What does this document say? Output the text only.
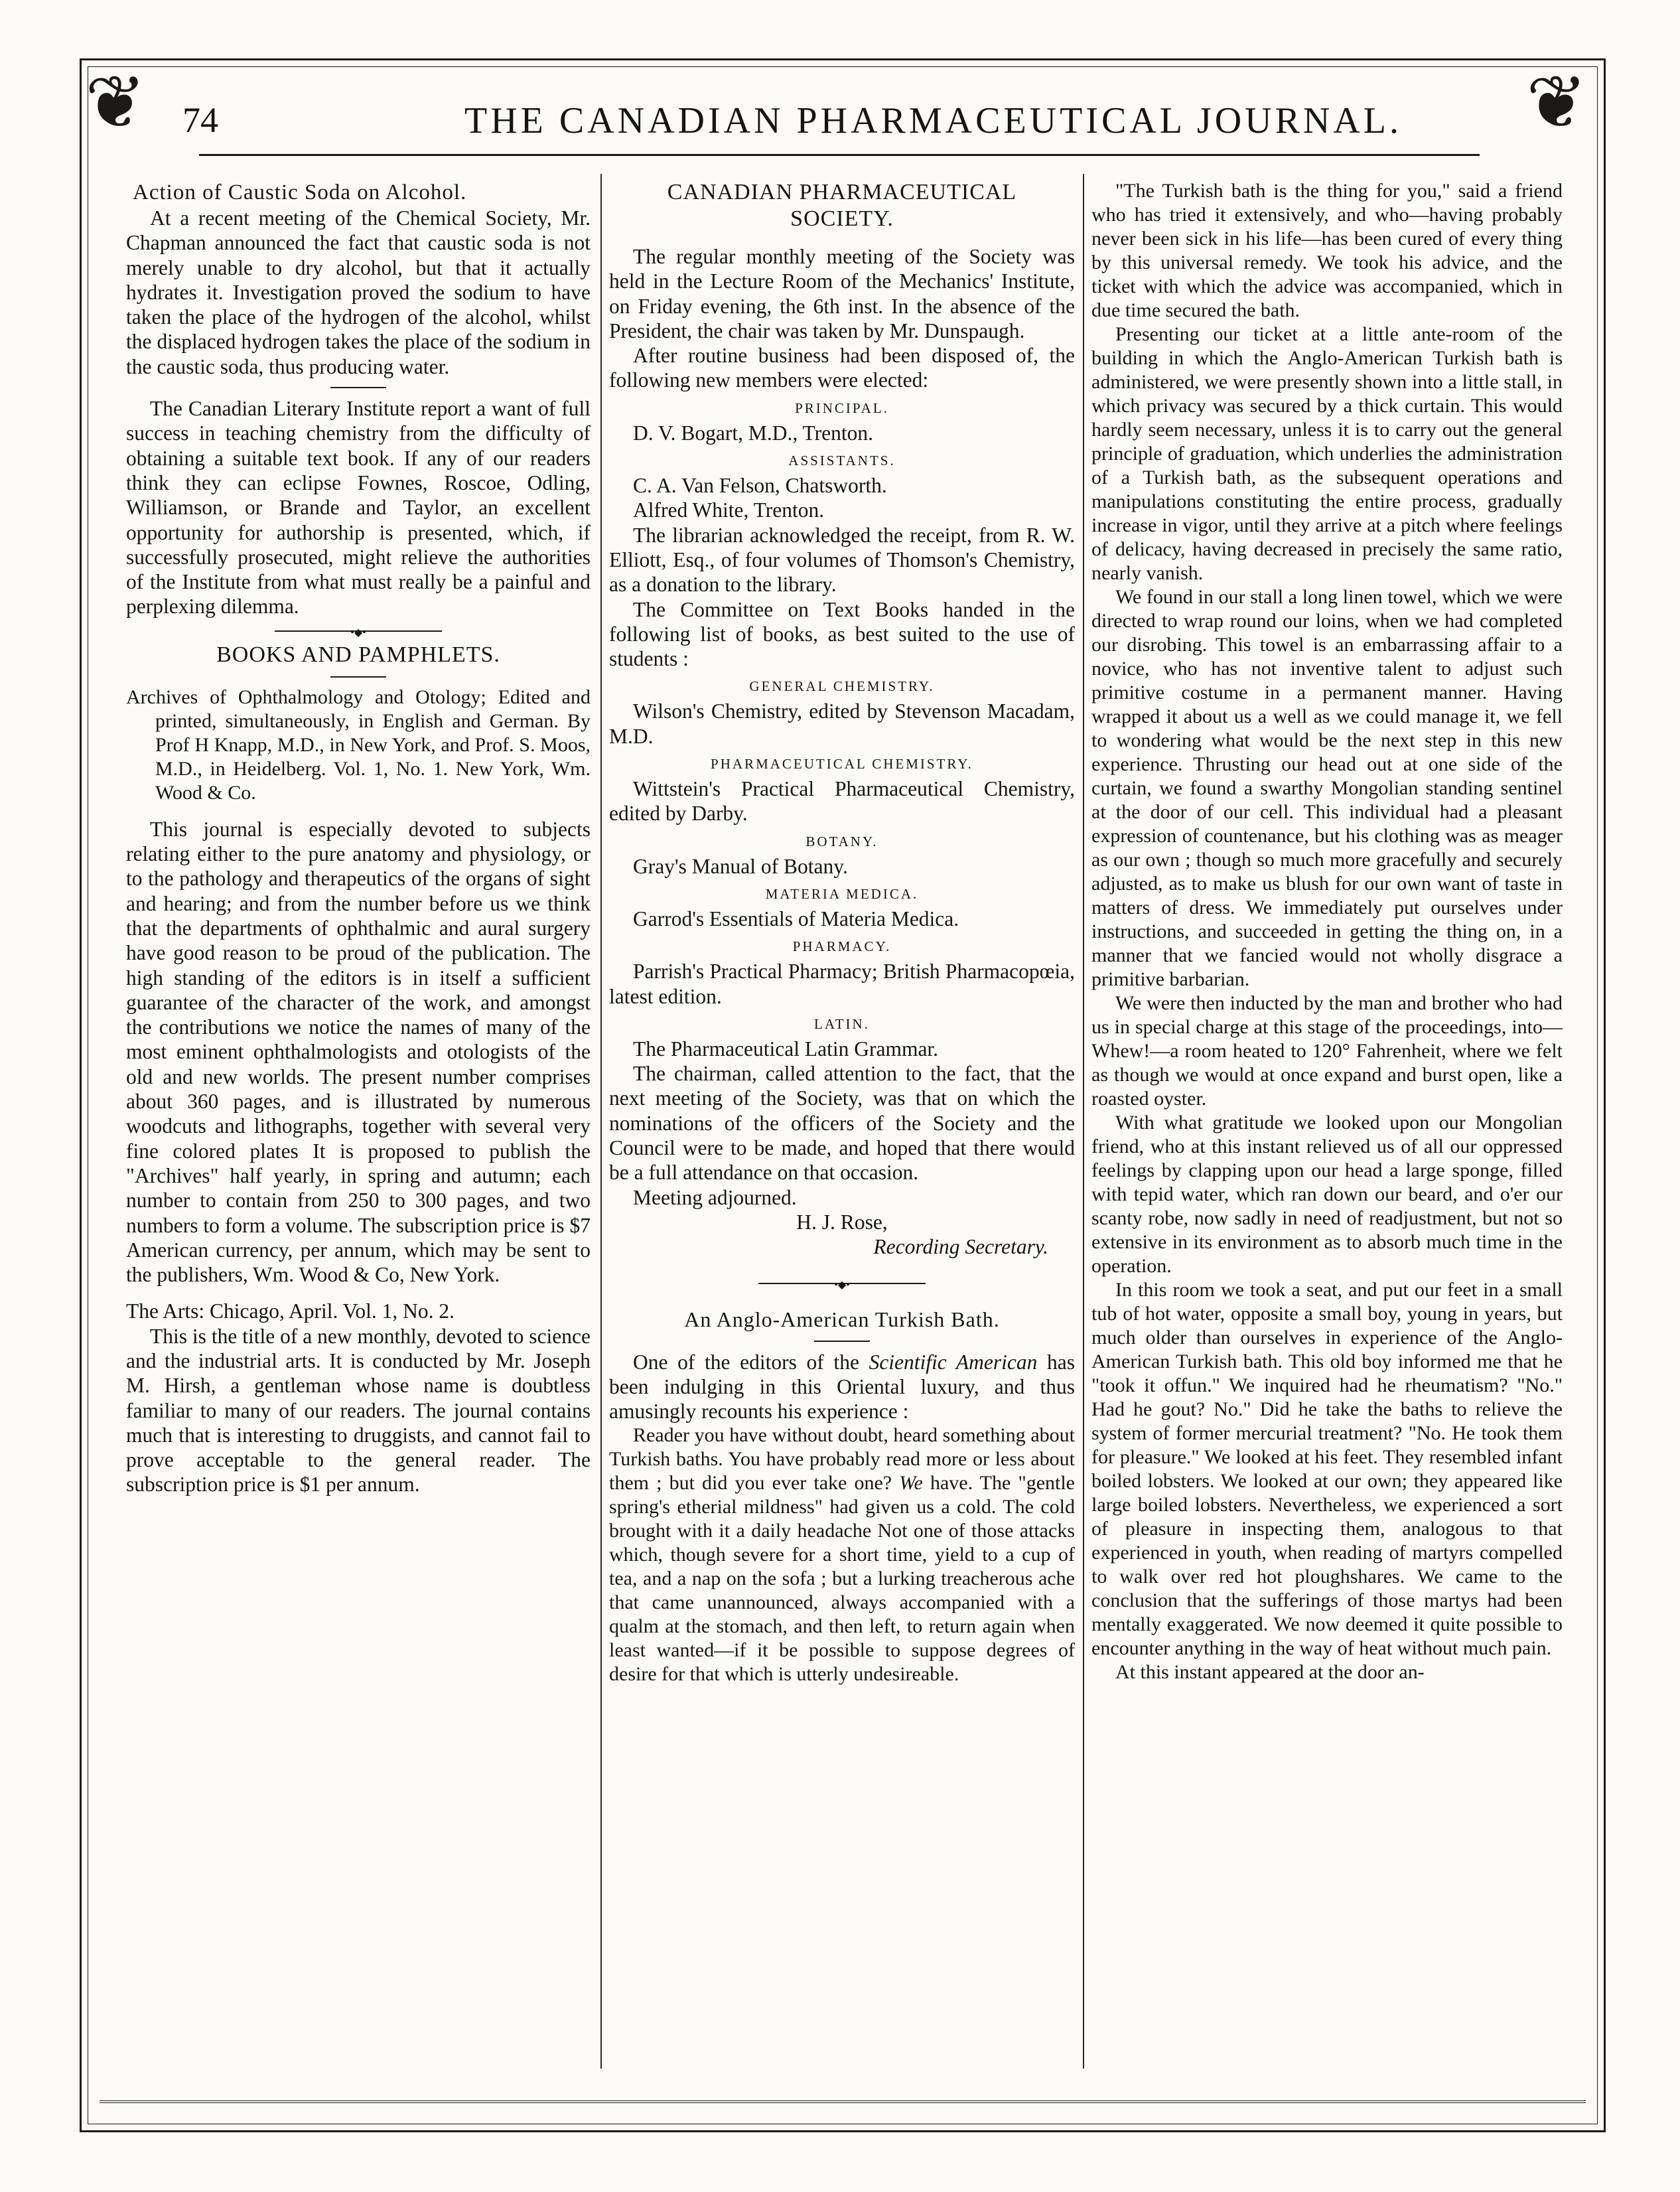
❦	❦
74	THE CANADIAN PHARMACEUTICAL JOURNAL.
Action of Caustic Soda on Alcohol.

At a recent meeting of the Chemical Society, Mr. Chapman announced the fact that caustic soda is not merely unable to dry alcohol, but that it actually hydrates it. Investigation proved the sodium to have taken the place of the hydrogen of the alcohol, whilst the displaced hydrogen takes the place of the sodium in the caustic soda, thus producing water.

The Canadian Literary Institute report a want of full success in teaching chemistry from the difficulty of obtaining a suitable text book. If any of our readers think they can eclipse Fownes, Roscoe, Odling, Williamson, or Brande and Taylor, an excellent opportunity for authorship is presented, which, if successfully prosecuted, might relieve the authorities of the Institute from what must really be a painful and perplexing dilemma.

•◆•
BOOKS AND PAMPHLETS.

Archives of Ophthalmology and Otology; Edited and printed, simultaneously, in English and German. By Prof H Knapp, M.D., in New York, and Prof. S. Moos, M.D., in Heidelberg. Vol. 1, No. 1. New York, Wm. Wood & Co.

This journal is especially devoted to subjects relating either to the pure anatomy and physiology, or to the pathology and therapeutics of the organs of sight and hearing; and from the number before us we think that the departments of ophthalmic and aural surgery have good reason to be proud of the publication. The high standing of the editors is in itself a sufficient guarantee of the character of the work, and amongst the contributions we notice the names of many of the most eminent ophthalmologists and otologists of the old and new worlds. The present number comprises about 360 pages, and is illustrated by numerous woodcuts and lithographs, together with several very fine colored plates It is proposed to publish the "Archives" half yearly, in spring and autumn; each number to contain from 250 to 300 pages, and two numbers to form a volume. The subscription price is $7 American currency, per annum, which may be sent to the publishers, Wm. Wood & Co, New York.

The Arts: Chicago, April. Vol. 1, No. 2.

This is the title of a new monthly, devoted to science and the industrial arts. It is conducted by Mr. Joseph M. Hirsh, a gentleman whose name is doubtless familiar to many of our readers. The journal contains much that is interesting to druggists, and cannot fail to prove acceptable to the general reader. The subscription price is $1 per annum.

CANADIAN PHARMACEUTICAL SOCIETY.

The regular monthly meeting of the Society was held in the Lecture Room of the Mechanics' Institute, on Friday evening, the 6th inst. In the absence of the President, the chair was taken by Mr. Dunspaugh.

After routine business had been disposed of, the following new members were elected:

PRINCIPAL.

D. V. Bogart, M.D., Trenton.

ASSISTANTS.

C. A. Van Felson, Chatsworth.

Alfred White, Trenton.

The librarian acknowledged the receipt, from R. W. Elliott, Esq., of four volumes of Thomson's Chemistry, as a donation to the library.

The Committee on Text Books handed in the following list of books, as best suited to the use of students :

GENERAL CHEMISTRY.

Wilson's Chemistry, edited by Stevenson Macadam, M.D.

PHARMACEUTICAL CHEMISTRY.

Wittstein's Practical Pharmaceutical Chemistry, edited by Darby.

BOTANY.

Gray's Manual of Botany.

MATERIA MEDICA.

Garrod's Essentials of Materia Medica.

PHARMACY.

Parrish's Practical Pharmacy; British Pharmacopœia, latest edition.

LATIN.

The Pharmaceutical Latin Grammar.

The chairman, called attention to the fact, that the next meeting of the Society, was that on which the nominations of the officers of the Society and the Council were to be made, and hoped that there would be a full attendance on that occasion.

Meeting adjourned.

H. J. Rose,

Recording Secretary.

•◆•
An Anglo-American Turkish Bath.

One of the editors of the Scientific American has been indulging in this Oriental luxury, and thus amusingly recounts his experience :

Reader you have without doubt, heard something about Turkish baths. You have probably read more or less about them ; but did you ever take one? We have. The "gentle spring's etherial mildness" had given us a cold. The cold brought with it a daily headache Not one of those attacks which, though severe for a short time, yield to a cup of tea, and a nap on the sofa ; but a lurking treacherous ache that came unannounced, always accompanied with a qualm at the stomach, and then left, to return again when least wanted—if it be possible to suppose degrees of desire for that which is utterly undesireable.

"The Turkish bath is the thing for you," said a friend who has tried it extensively, and who—having probably never been sick in his life—has been cured of every thing by this universal remedy. We took his advice, and the ticket with which the advice was accompanied, which in due time secured the bath.

Presenting our ticket at a little ante-room of the building in which the Anglo-American Turkish bath is administered, we were presently shown into a little stall, in which privacy was secured by a thick curtain. This would hardly seem necessary, unless it is to carry out the general principle of graduation, which underlies the administration of a Turkish bath, as the subsequent operations and manipulations constituting the entire process, gradually increase in vigor, until they arrive at a pitch where feelings of delicacy, having decreased in precisely the same ratio, nearly vanish.

We found in our stall a long linen towel, which we were directed to wrap round our loins, when we had completed our disrobing. This towel is an embarrassing affair to a novice, who has not inventive talent to adjust such primitive costume in a permanent manner. Having wrapped it about us a well as we could manage it, we fell to wondering what would be the next step in this new experience. Thrusting our head out at one side of the curtain, we found a swarthy Mongolian standing sentinel at the door of our cell. This individual had a pleasant expression of countenance, but his clothing was as meager as our own ; though so much more gracefully and securely adjusted, as to make us blush for our own want of taste in matters of dress. We immediately put ourselves under instructions, and succeeded in getting the thing on, in a manner that we fancied would not wholly disgrace a primitive barbarian.

We were then inducted by the man and brother who had us in special charge at this stage of the proceedings, into—Whew!—a room heated to 120° Fahrenheit, where we felt as though we would at once expand and burst open, like a roasted oyster.

With what gratitude we looked upon our Mongolian friend, who at this instant relieved us of all our oppressed feelings by clapping upon our head a large sponge, filled with tepid water, which ran down our beard, and o'er our scanty robe, now sadly in need of readjustment, but not so extensive in its environment as to absorb much time in the operation.

In this room we took a seat, and put our feet in a small tub of hot water, opposite a small boy, young in years, but much older than ourselves in experience of the Anglo-American Turkish bath. This old boy informed me that he "took it offun." We inquired had he rheumatism? "No." Had he gout? No." Did he take the baths to relieve the system of former mercurial treatment? "No. He took them for pleasure." We looked at his feet. They resembled infant boiled lobsters. We looked at our own; they appeared like large boiled lobsters. Nevertheless, we experienced a sort of pleasure in inspecting them, analogous to that experienced in youth, when reading of martyrs compelled to walk over red hot ploughshares. We came to the conclusion that the sufferings of those martys had been mentally exaggerated. We now deemed it quite possible to encounter anything in the way of heat without much pain.

At this instant appeared at the door an-
